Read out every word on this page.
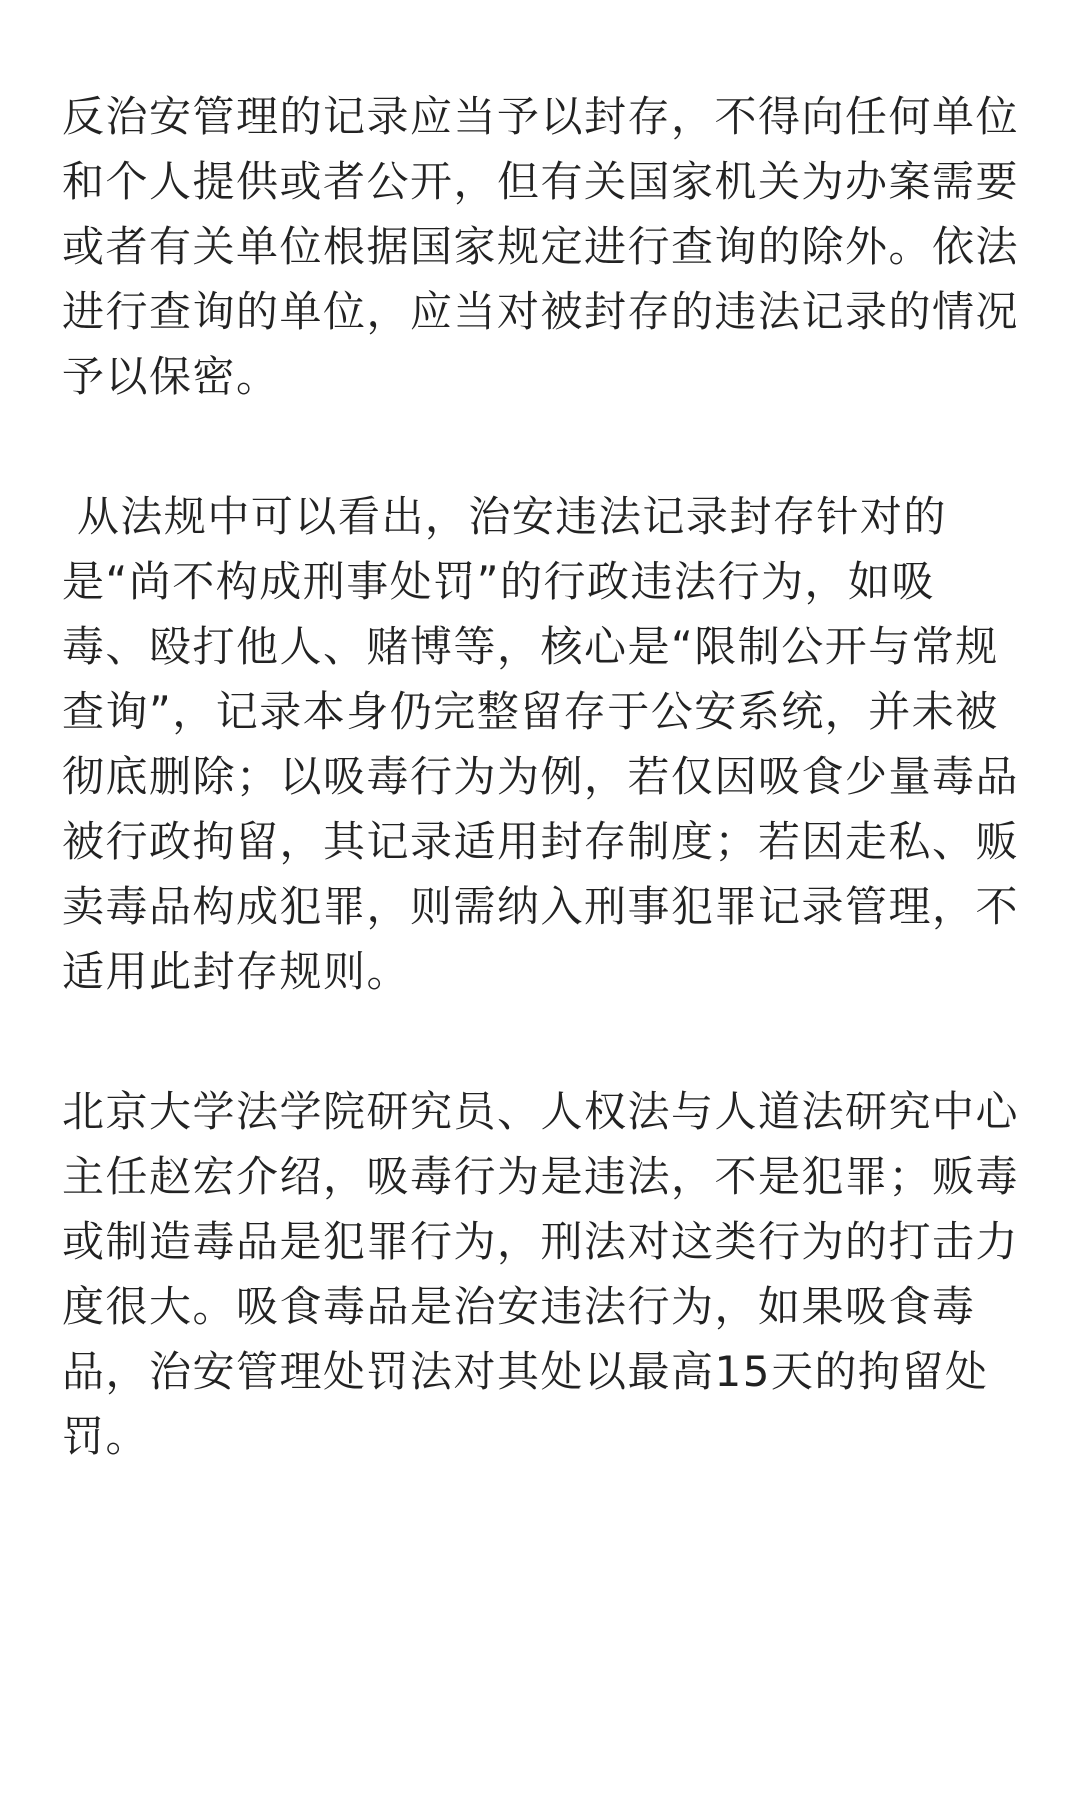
反治安管理的记录应当予以封存，不得向任何单位
和个人提供或者公开，但有关国家机关为办案需要
或者有关单位根据国家规定进行查询的除外。依法
进行查询的单位，应当对被封存的违法记录的情况
予以保密。
从法规中可以看出，治安违法记录封存针对的
是“尚不构成刑事处罚”的行政违法行为，如吸
毒、殴打他人、赌博等，核心是“限制公开与常规
查询”，记录本身仍完整留存于公安系统，并未被
彻底删除；以吸毒行为为例，若仅因吸食少量毒品
被行政拘留，其记录适用封存制度；若因走私、贩
卖毒品构成犯罪，则需纳入刑事犯罪记录管理，不
适用此封存规则。
北京大学法学院研究员、人权法与人道法研究中心
主任赵宏介绍，吸毒行为是违法，不是犯罪；贩毒
或制造毒品是犯罪行为，刑法对这类行为的打击力
度很大。吸食毒品是治安违法行为，如果吸食毒
品，治安管理处罚法对其处以最高15天的拘留处
罚。
